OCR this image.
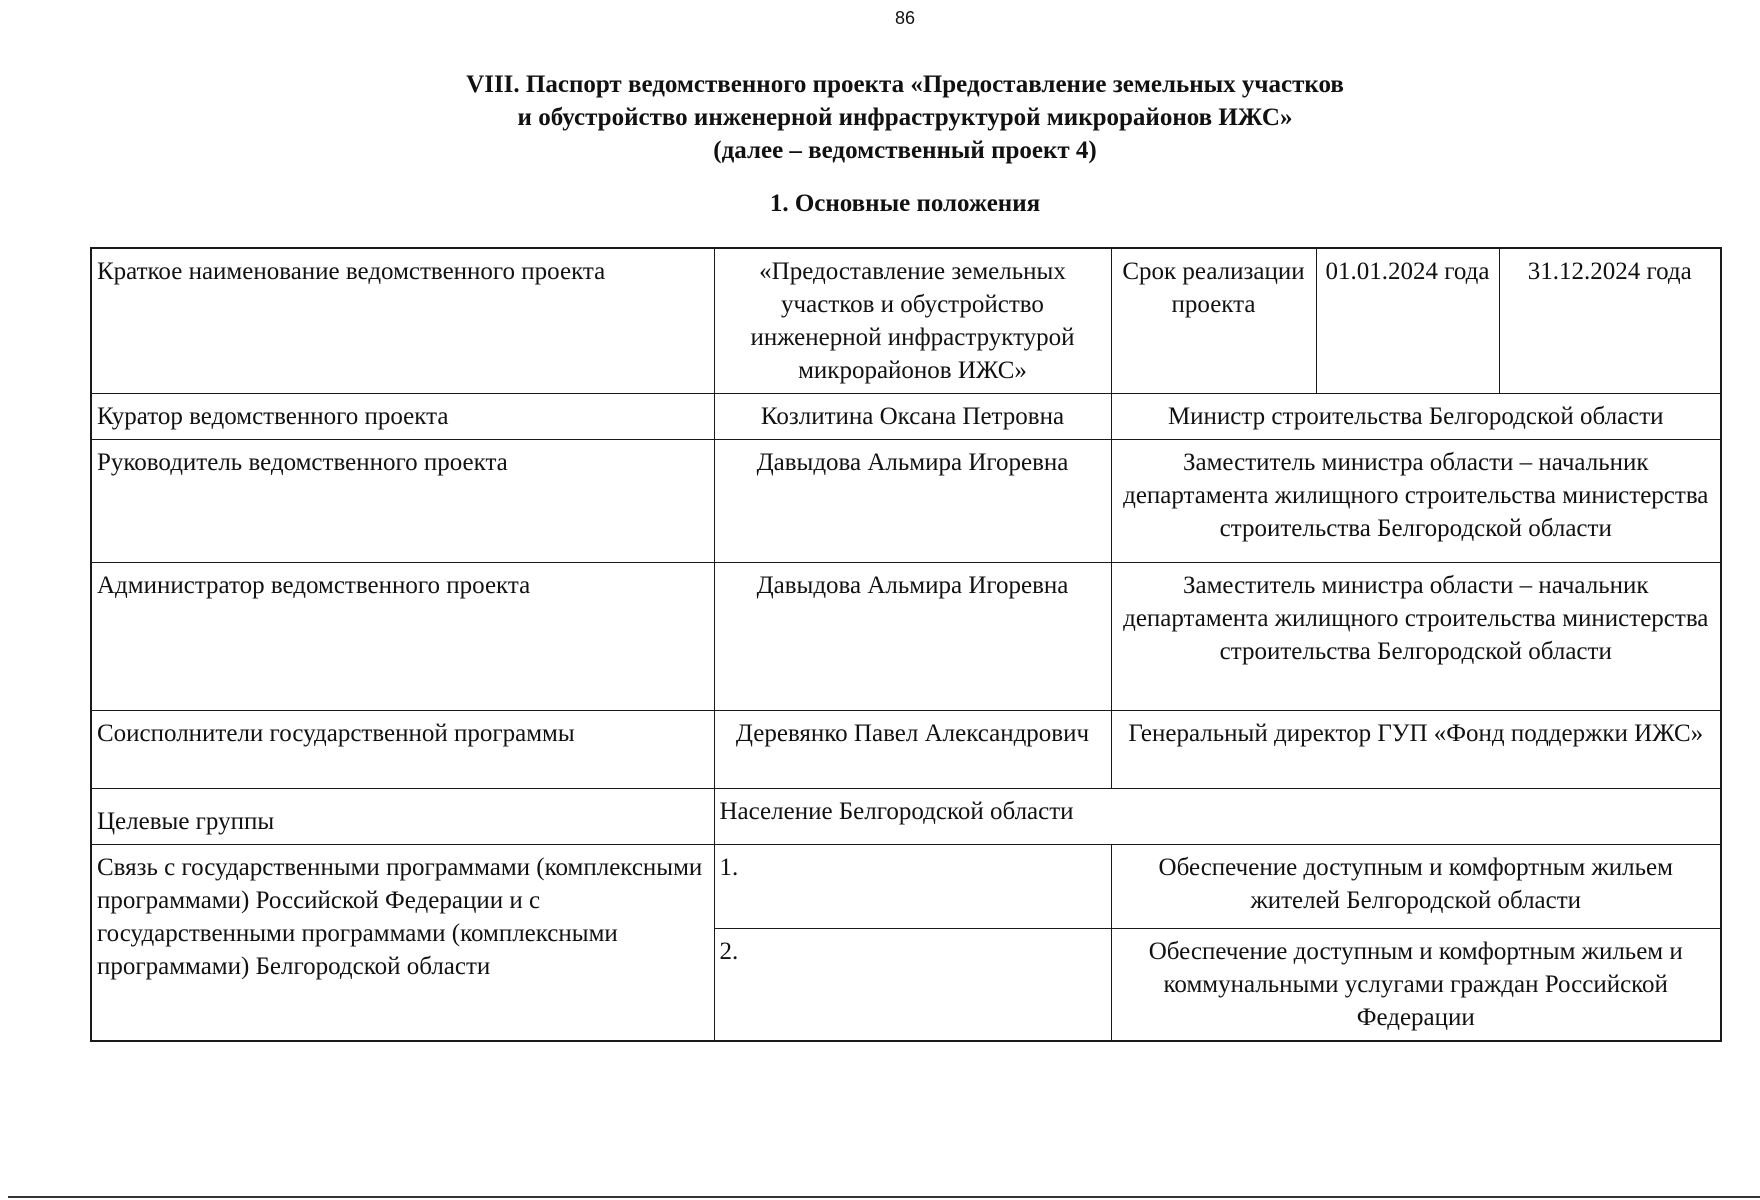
86
VIII. Паспорт ведомственного проекта «Предоставление земельных участков
и обустройство инженерной инфраструктурой микрорайонов ИЖС»
(далее – ведомственный проект 4)
1. Основные положения
Краткое наименование ведомственного проекта	«Предоставление земельных участков и обустройство инженерной инфраструктурой микрорайонов ИЖС»	Срок реализации проекта	01.01.2024 года	31.12.2024 года
Куратор ведомственного проекта	Козлитина Оксана Петровна	Министр строительства Белгородской области		
Руководитель ведомственного проекта	Давыдова Альмира Игоревна	Заместитель министра области – начальник департамента жилищного строительства министерства строительства Белгородской области		
Администратор ведомственного проекта	Давыдова Альмира Игоревна	Заместитель министра области – начальник департамента жилищного строительства министерства строительства Белгородской области		
Соисполнители государственной программы	Деревянко Павел Александрович	Генеральный директор ГУП «Фонд поддержки ИЖС»		
Целевые группы	Население Белгородской области			
Связь с государственными программами (комплексными программами) Российской Федерации и с государственными программами (комплексными программами) Белгородской области	1.	Обеспечение доступным и комфортным жильем жителей Белгородской области		
	2.	Обеспечение доступным и комфортным жильем и коммунальными услугами граждан Российской Федерации		
